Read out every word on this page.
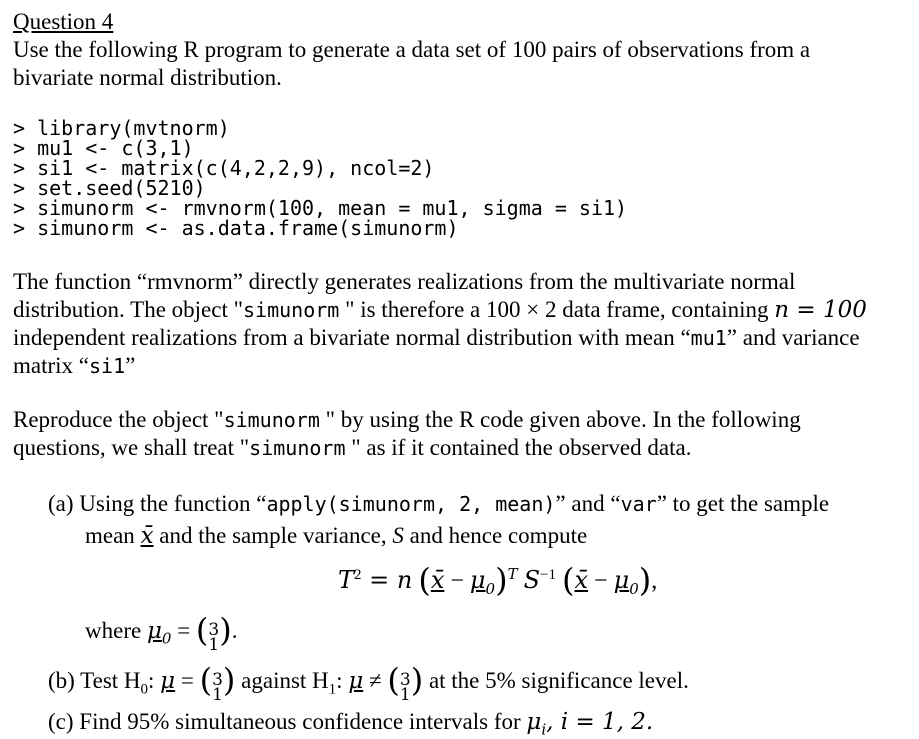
Question 4
Use the following R program to generate a data set of 100 pairs of observations from a
bivariate normal distribution.
> library(mvtnorm)
> mu1 <- c(3,1)
> si1 <- matrix(c(4,2,2,9), ncol=2)
> set.seed(5210)
> simunorm <- rmvnorm(100, mean = mu1, sigma = si1)
> simunorm <- as.data.frame(simunorm)
The function “rmvnorm” directly generates realizations from the multivariate normal
distribution. The object "simunorm " is therefore a 100 × 2 data frame, containing n = 100
independent realizations from a bivariate normal distribution with mean “mu1” and variance
matrix “si1”
Reproduce the object "simunorm " by using the R code given above. In the following
questions, we shall treat "simunorm " as if it contained the observed data.
(a) Using the function “apply(simunorm, 2, mean)” and “var” to get the sample
mean x̄ and the sample variance, S and hence compute
$T^2 = n$ (x̄ − $\mu_0)^T$ $S^{-1}$ (x̄ − $\mu_0$),
where $\mu_0$ = ( 3
1 ).
(b) Test $H_0$: μ = ( 3
1 ) against $H_1$: μ ≠ ( 3
1 ) at the 5% significance level.
(c) Find 95% simultaneous confidence intervals for $\mu_i$, i = 1, 2.
